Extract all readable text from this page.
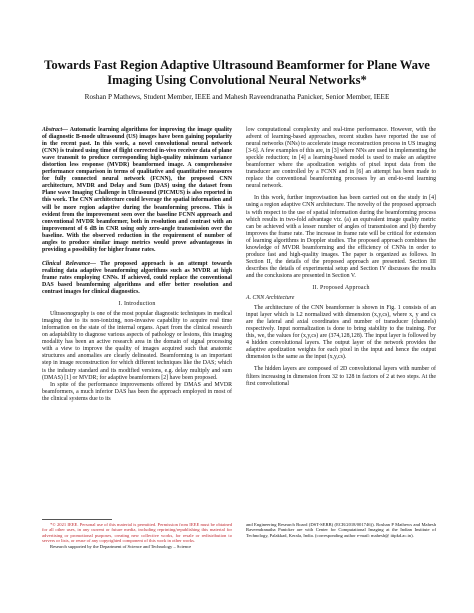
Towards Fast Region Adaptive Ultrasound Beamformer for Plane Wave Imaging Using Convolutional Neural Networks*
Roshan P Mathews, Student Member, IEEE and Mahesh Raveendranatha Panicker, Senior Member, IEEE

Abstract— Automatic learning algorithms for improving the image quality of diagnostic B-mode ultrasound (US) images have been gaining popularity in the recent past. In this work, a novel convolutional neural network (CNN) is trained using time of flight corrected in-vivo receiver data of plane wave transmit to produce corresponding high-quality minimum variance distortion less response (MVDR) beamformed image. A comprehensive performance comparison in terms of qualitative and quantitative measures for fully connected neural network (FCNN), the proposed CNN architecture, MVDR and Delay and Sum (DAS) using the dataset from Plane wave Imaging Challenge in Ultrasound (PICMUS) is also reported in this work. The CNN architecture could leverage the spatial information and will be more region adaptive during the beamforming process. This is evident from the improvement seen over the baseline FCNN approach and conventional MVDR beamformer, both in resolution and contrast with an improvement of 6 dB in CNR using only zero-angle transmission over the baseline. With the observed reduction in the requirement of number of angles to produce similar image metrics would prove advantageous in providing a possibility for higher frame rates.

Clinical Relevance— The proposed approach is an attempt towards realizing data adaptive beamforming algorithms such as MVDR at high frame rates employing CNNs. If achieved, could replace the conventional DAS based beamforming algorithms and offer better resolution and contrast images for clinical diagnostics.

I. Introduction

Ultrasonography is one of the most popular diagnostic techniques in medical imaging due to its non-ionizing, non-invasive capability to acquire real time information on the state of the internal organs. Apart from the clinical research on adaptability to diagnose various aspects of pathology or lesions, this imaging modality has been an active research area in the domain of signal processing with a view to improve the quality of images acquired such that anatomic structures and anomalies are clearly delineated. Beamforming is an important step in image reconstruction for which different techniques like the DAS; which is the industry standard and its modified versions, e.g. delay multiply and sum (DMAS) [1] or MVDR; for adaptive beamformers [2] have been proposed.

In spite of the performance improvements offered by DMAS and MVDR beamformers, a much inferior DAS has been the approach employed in most of the clinical systems due to its

low computational complexity and real-time performance. However, with the advent of learning-based approaches, recent studies have reported the use of neural networks (NNs) to accelerate image reconstruction process in US imaging [3-6]. A few examples of this are, in [3] where NNs are used in implementing the speckle reduction; in [4] a learning-based model is used to make an adaptive beamformer where the apodization weights of pixel input data from the transducer are controlled by a FCNN and in [6] an attempt has been made to replace the conventional beamforming processes by an end-to-end learning neural network.

In this work, further improvisation has been carried out on the study in [4] using a region adaptive CNN architecture. The novelty of the proposed approach is with respect to the use of spatial information during the beamforming process which results in two-fold advantage viz. (a) an equivalent image quality metric can be achieved with a lesser number of angles of transmission and (b) thereby improves the frame rate. The increase in frame rate will be critical for extension of learning algorithms in Doppler studies. The proposed approach combines the knowledge of MVDR beamforming and the efficiency of CNNs in order to produce fast and high-quality images. The paper is organized as follows. In Section II, the details of the proposed approach are presented. Section III describes the details of experimental setup and Section IV discusses the results and the conclusions are presented in Section V.

II. Proposed Approach
A. CNN Architecture

The architecture of the CNN beamformer is shown in Fig. 1 consists of an input layer which is L2 normalized with dimension (x,y,cs), where x, y and cs are the lateral and axial coordinates and number of transducer (channels) respectively. Input normalization is done to bring stability to the training. For this, we, the values for (x,y,cs) are (374,128,128). The input layer is followed by 4 hidden convolutional layers. The output layer of the network provides the adaptive apodization weights for each pixel in the input and hence the output dimension is the same as the input (x,y,cs).

The hidden layers are composed of 2D convolutional layers with number of filters increasing in dimension from 32 to 128 in factors of 2 at two steps. At the first convolutional

*© 2021 IEEE. Personal use of this material is permitted. Permission from IEEE must be obtained for all other uses, in any current or future media, including reprinting/republishing this material for advertising or promotional purposes, creating new collective works, for resale or redistribution to servers or lists, or reuse of any copyrighted component of this work in other works.

Research supported by the Department of Science and Technology – Science

and Engineering Research Board (DST-SERB) (ECR/2018/001746)). Roshan P Mathews and Mahesh Raveendranatha Panicker are with Center for Computational Imaging at the Indian Institute of Technology, Palakkad, Kerala, India. (corresponding author e-mail: mahesh@ iitpkd.ac.in).
